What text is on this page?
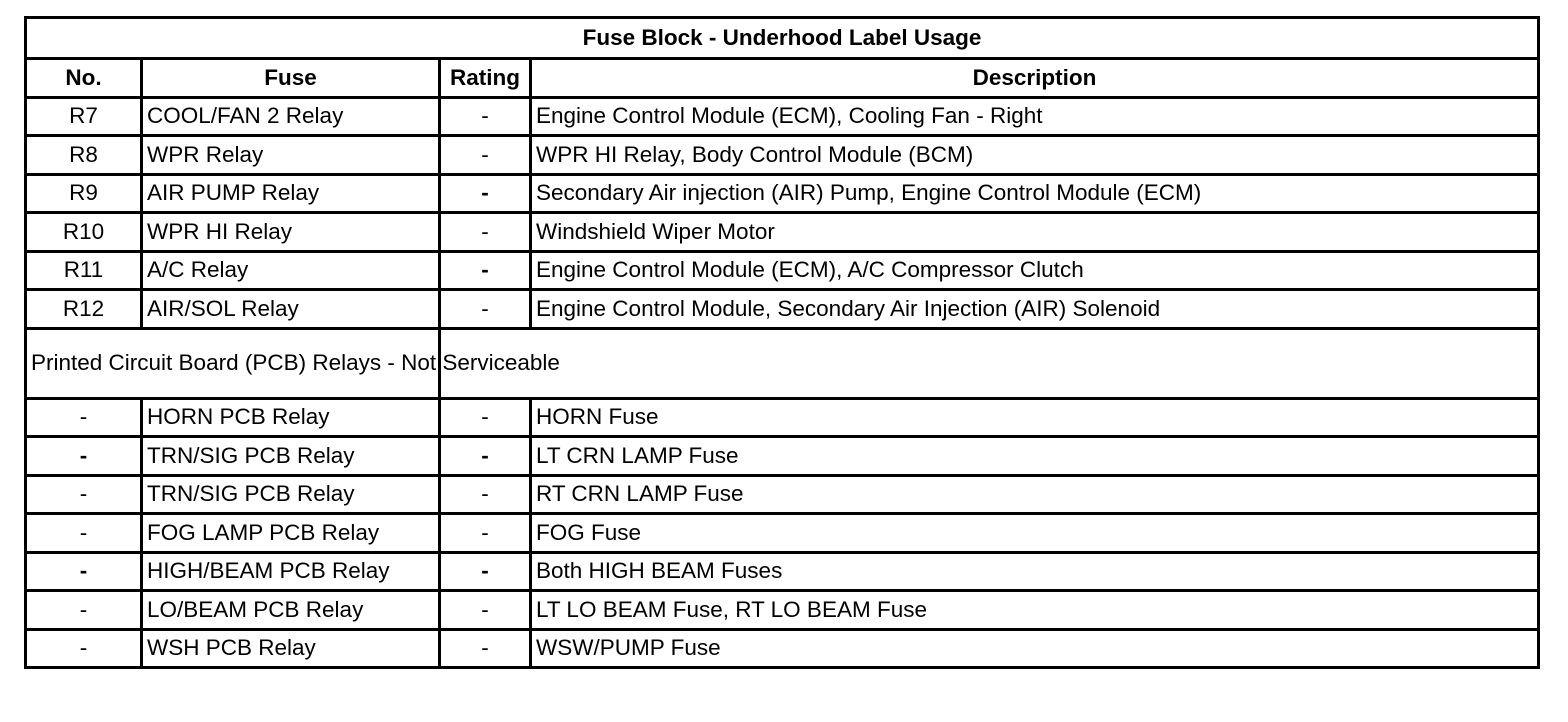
Fuse Block - Underhood Label Usage			
No.	Fuse	Rating	Description
R7	COOL/FAN 2 Relay	-	Engine Control Module (ECM), Cooling Fan - Right
R8	WPR Relay	-	WPR HI Relay, Body Control Module (BCM)
R9	AIR PUMP Relay	-	Secondary Air injection (AIR) Pump, Engine Control Module (ECM)
R10	WPR HI Relay	-	Windshield Wiper Motor
R11	A/C Relay	-	Engine Control Module (ECM), A/C Compressor Clutch
R12	AIR/SOL Relay	-	Engine Control Module, Secondary Air Injection (AIR) Solenoid
Printed Circuit Board (PCB) Relays - Not Serviceable			
-	HORN PCB Relay	-	HORN Fuse
-	TRN/SIG PCB Relay	-	LT CRN LAMP Fuse
-	TRN/SIG PCB Relay	-	RT CRN LAMP Fuse
-	FOG LAMP PCB Relay	-	FOG Fuse
-	HIGH/BEAM PCB Relay	-	Both HIGH BEAM Fuses
-	LO/BEAM PCB Relay	-	LT LO BEAM Fuse, RT LO BEAM Fuse
-	WSH PCB Relay	-	WSW/PUMP Fuse
